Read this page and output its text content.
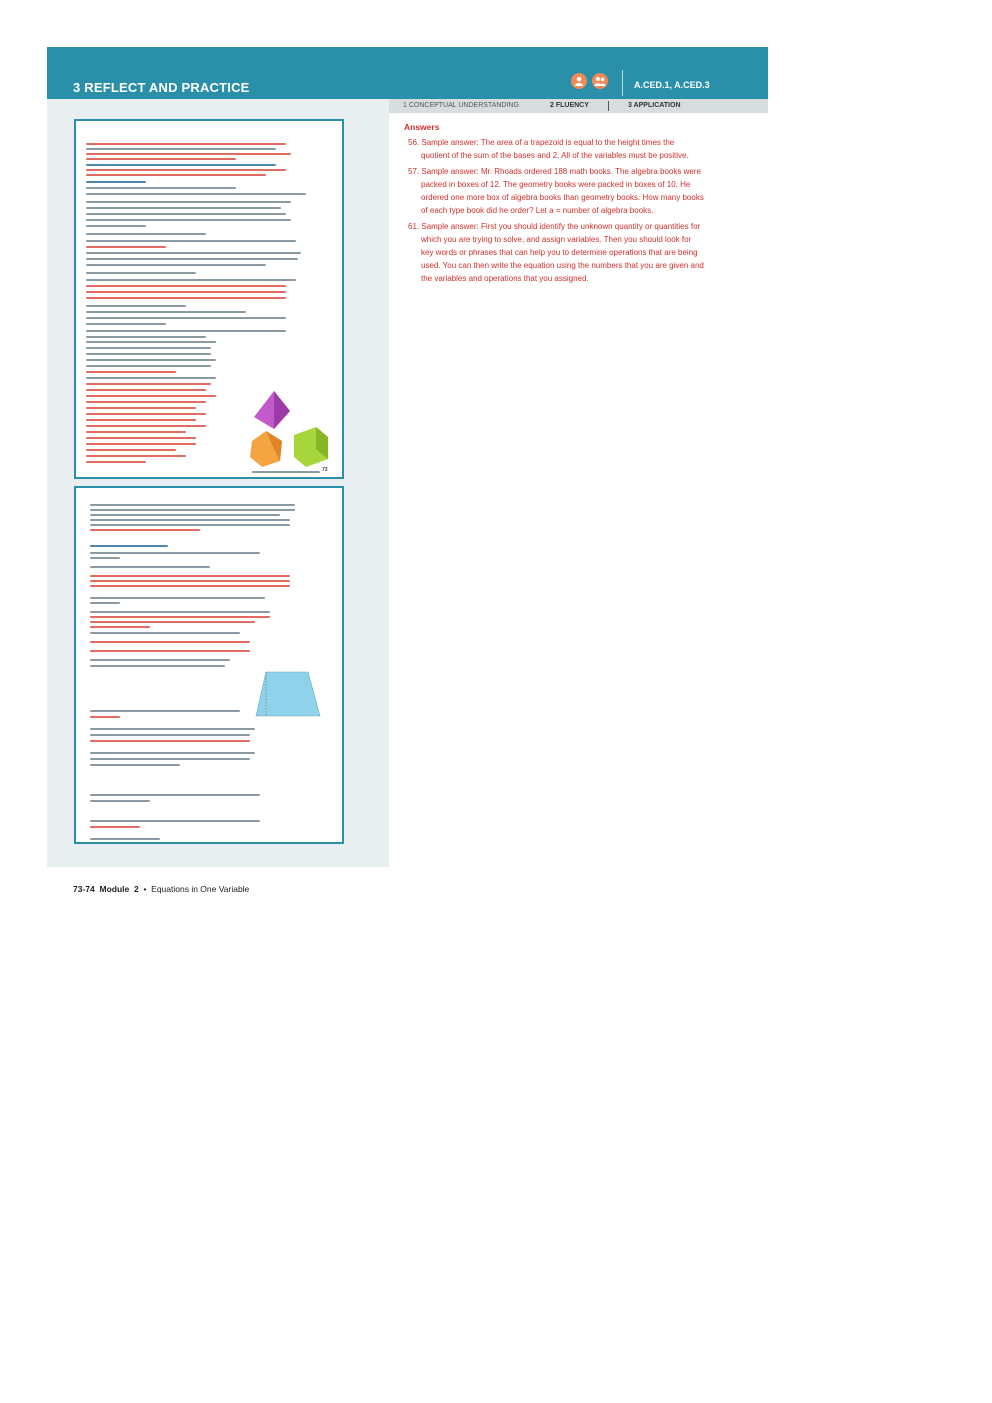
3 REFLECT AND PRACTICE	A.CED.1, A.CED.3
1 CONCEPTUAL UNDERSTANDING	2 FLUENCY	3 APPLICATION
Answers

56. Sample answer: The area of a trapezoid is equal to the height times the quotient of the sum of the bases and 2. All of the variables must be positive.

57. Sample answer: Mr. Rhoads ordered 188 math books. The algebra books were packed in boxes of 12. The geometry books were packed in boxes of 10. He ordered one more box of algebra books than geometry books. How many books of each type book did he order? Let a = number of algebra books.

61. Sample answer: First you should identify the unknown quantity or quantities for which you are trying to solve, and assign variables. Then you should look for key words or phrases that can help you to determine operations that are being used. You can then write the equation using the numbers that you are given and the variables and operations that you assigned.

73
73-74 Module 2 • Equations in One Variable
